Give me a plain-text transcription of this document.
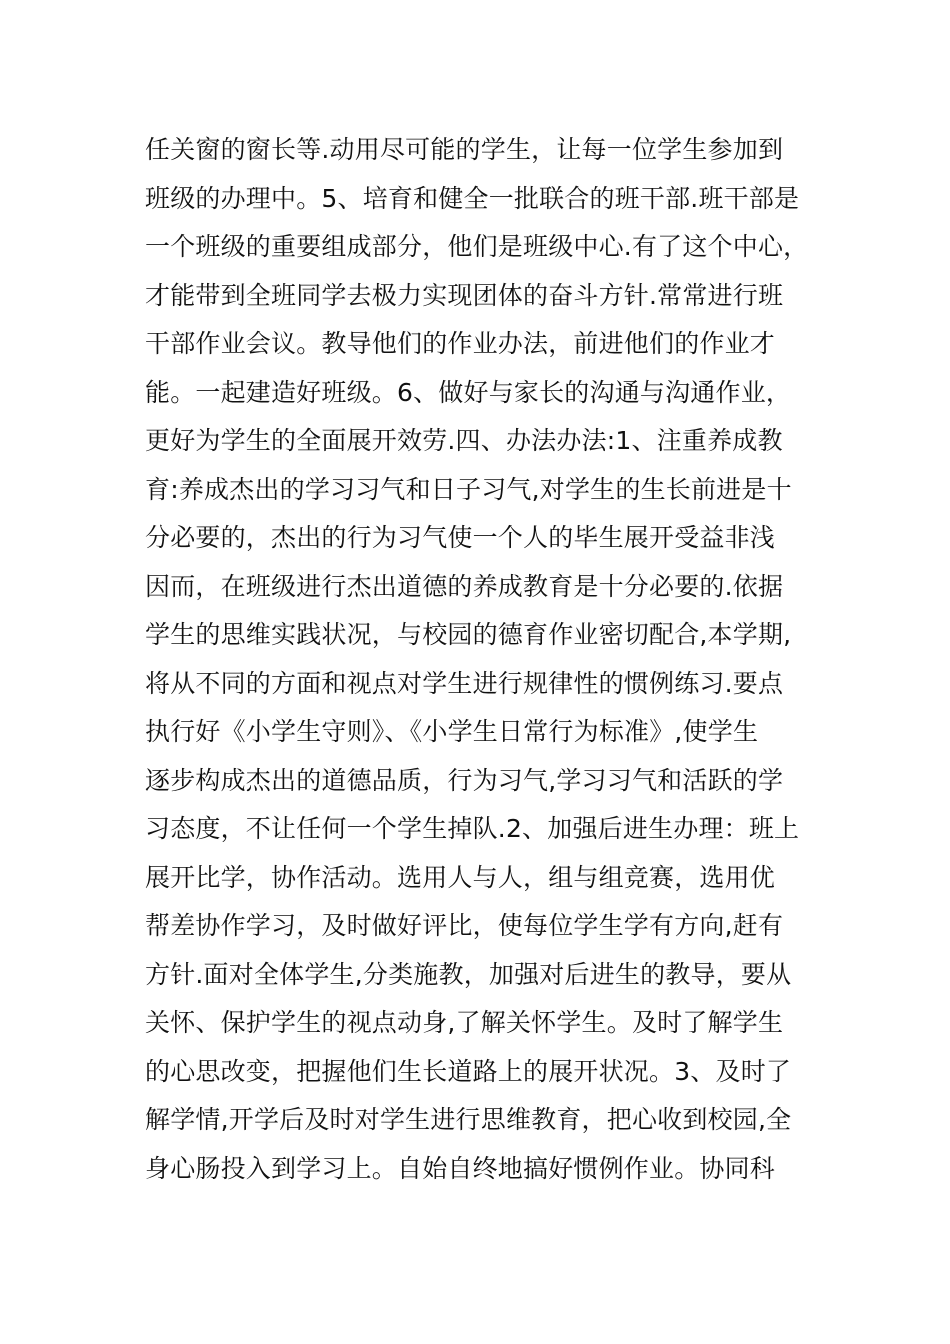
任关窗的窗长等.动用尽可能的学生，让每一位学生参加到
班级的办理中。5、培育和健全一批联合的班干部.班干部是
一个班级的重要组成部分，他们是班级中心.有了这个中心，
才能带到全班同学去极力实现团体的奋斗方针.常常进行班
干部作业会议。教导他们的作业办法，前进他们的作业才
能。一起建造好班级。6、做好与家长的沟通与沟通作业，
更好为学生的全面展开效劳.四、办法办法:1、注重养成教
育:养成杰出的学习习气和日子习气,对学生的生长前进是十
分必要的，杰出的行为习气使一个人的毕生展开受益非浅
因而，在班级进行杰出道德的养成教育是十分必要的.依据
学生的思维实践状况，与校园的德育作业密切配合,本学期,
将从不同的方面和视点对学生进行规律性的惯例练习.要点
执行好《小学生守则》、《小学生日常行为标准》,使学生
逐步构成杰出的道德品质，行为习气,学习习气和活跃的学
习态度，不让任何一个学生掉队.2、加强后进生办理：班上
展开比学，协作活动。选用人与人，组与组竞赛，选用优
帮差协作学习，及时做好评比，使每位学生学有方向,赶有
方针.面对全体学生,分类施教，加强对后进生的教导，要从
关怀、保护学生的视点动身,了解关怀学生。及时了解学生
的心思改变，把握他们生长道路上的展开状况。3、及时了
解学情,开学后及时对学生进行思维教育，把心收到校园,全
身心肠投入到学习上。自始自终地搞好惯例作业。协同科
